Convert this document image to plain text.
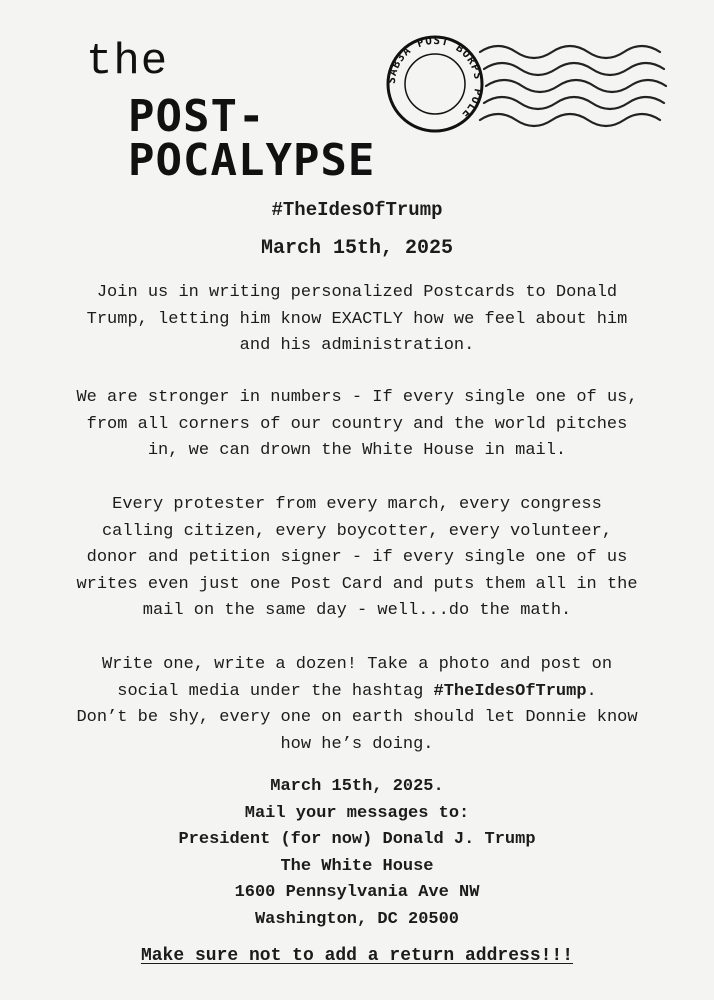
the
POST-
POCALYPSE
SAB3A POST BORPS POLE
#TheIdesOfTrump
March 15th, 2025
Join us in writing personalized Postcards to Donald
Trump, letting him know EXACTLY how we feel about him
and his administration.
We are stronger in numbers - If every single one of us,
from all corners of our country and the world pitches
in, we can drown the White House in mail.
Every protester from every march, every congress
calling citizen, every boycotter, every volunteer,
donor and petition signer - if every single one of us
writes even just one Post Card and puts them all in the
mail on the same day - well...do the math.
Write one, write a dozen! Take a photo and post on
social media under the hashtag #TheIdesOfTrump.
Don’t be shy, every one on earth should let Donnie know
how he’s doing.
March 15th, 2025.
Mail your messages to:
President (for now) Donald J. Trump
The White House
1600 Pennsylvania Ave NW
Washington, DC 20500
Make sure not to add a return address!!!
